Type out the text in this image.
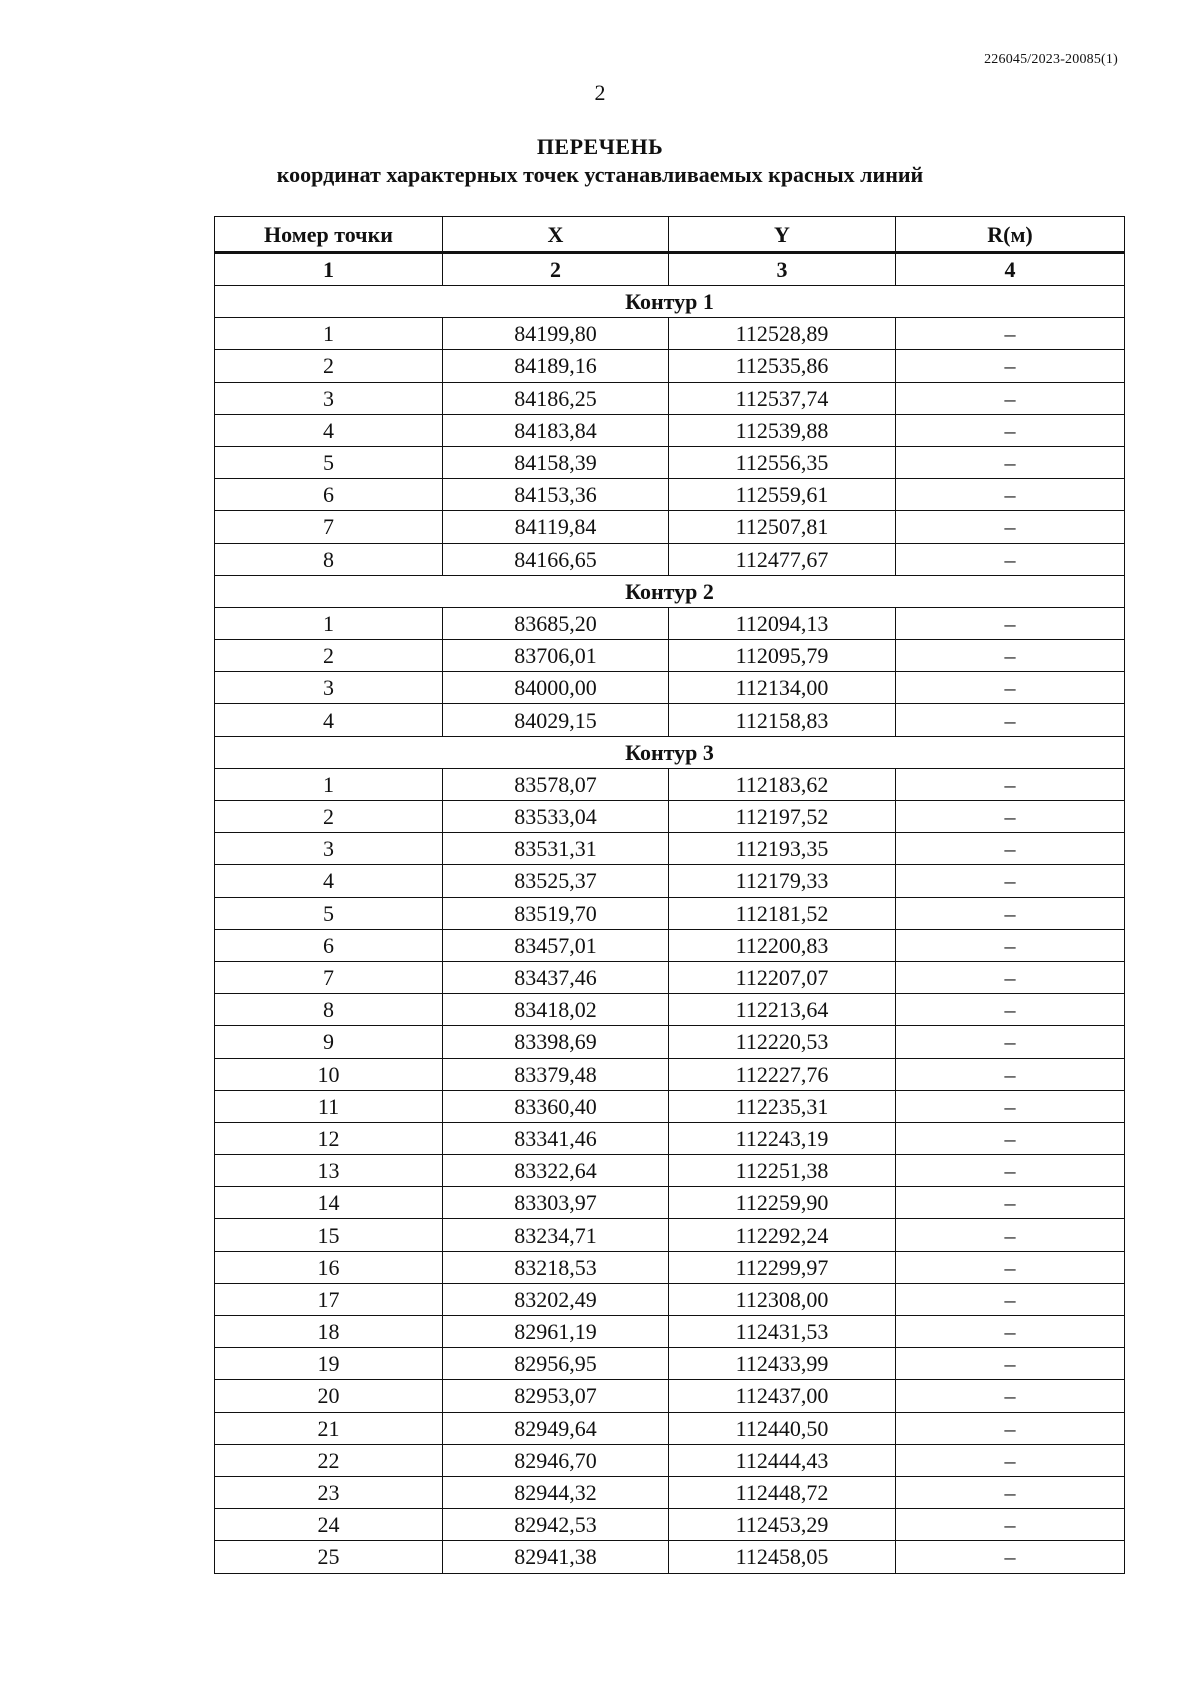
226045/2023-20085(1)
2
ПЕРЕЧЕНЬ
координат характерных точек устанавливаемых красных линий
Номер точки	X	Y	R(м)
1	2	3	4
Контур 1			
1	84199,80	112528,89	–
2	84189,16	112535,86	–
3	84186,25	112537,74	–
4	84183,84	112539,88	–
5	84158,39	112556,35	–
6	84153,36	112559,61	–
7	84119,84	112507,81	–
8	84166,65	112477,67	–
Контур 2			
1	83685,20	112094,13	–
2	83706,01	112095,79	–
3	84000,00	112134,00	–
4	84029,15	112158,83	–
Контур 3			
1	83578,07	112183,62	–
2	83533,04	112197,52	–
3	83531,31	112193,35	–
4	83525,37	112179,33	–
5	83519,70	112181,52	–
6	83457,01	112200,83	–
7	83437,46	112207,07	–
8	83418,02	112213,64	–
9	83398,69	112220,53	–
10	83379,48	112227,76	–
11	83360,40	112235,31	–
12	83341,46	112243,19	–
13	83322,64	112251,38	–
14	83303,97	112259,90	–
15	83234,71	112292,24	–
16	83218,53	112299,97	–
17	83202,49	112308,00	–
18	82961,19	112431,53	–
19	82956,95	112433,99	–
20	82953,07	112437,00	–
21	82949,64	112440,50	–
22	82946,70	112444,43	–
23	82944,32	112448,72	–
24	82942,53	112453,29	–
25	82941,38	112458,05	–
